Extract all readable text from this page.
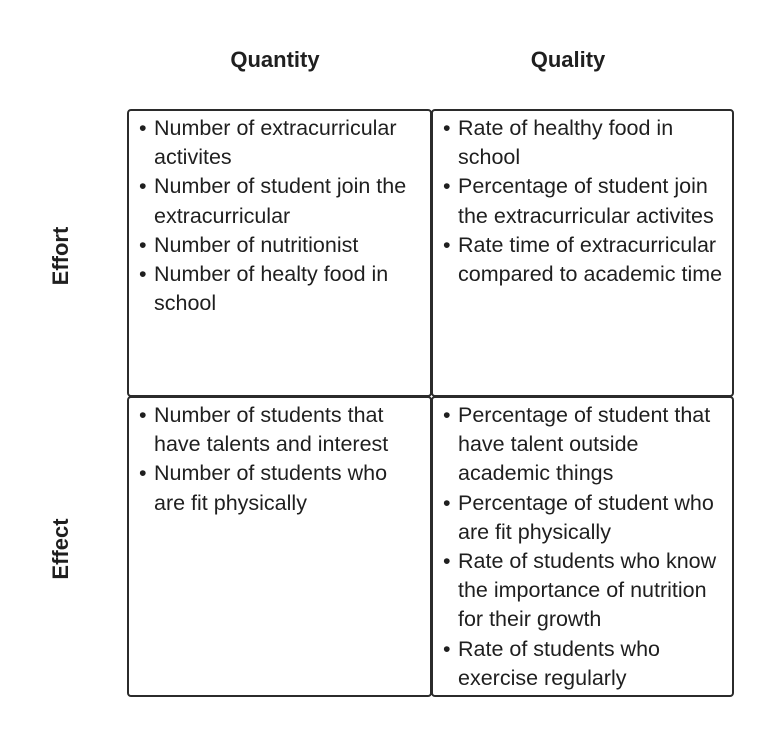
Quantity	Quality
Effort
Effect
• Number of extracurricular activites
• Number of student join the extracurricular
• Number of nutritionist
• Number of healty food in school
• Rate of healthy food in school
• Percentage of student join the extracurricular activites
• Rate time of extracurricular compared to academic time
• Number of students that have talents and interest
• Number of students who are fit physically
• Percentage of student that have talent outside academic things
• Percentage of student who are fit physically
• Rate of students who know the importance of nutrition for their growth
• Rate of students who exercise regularly
